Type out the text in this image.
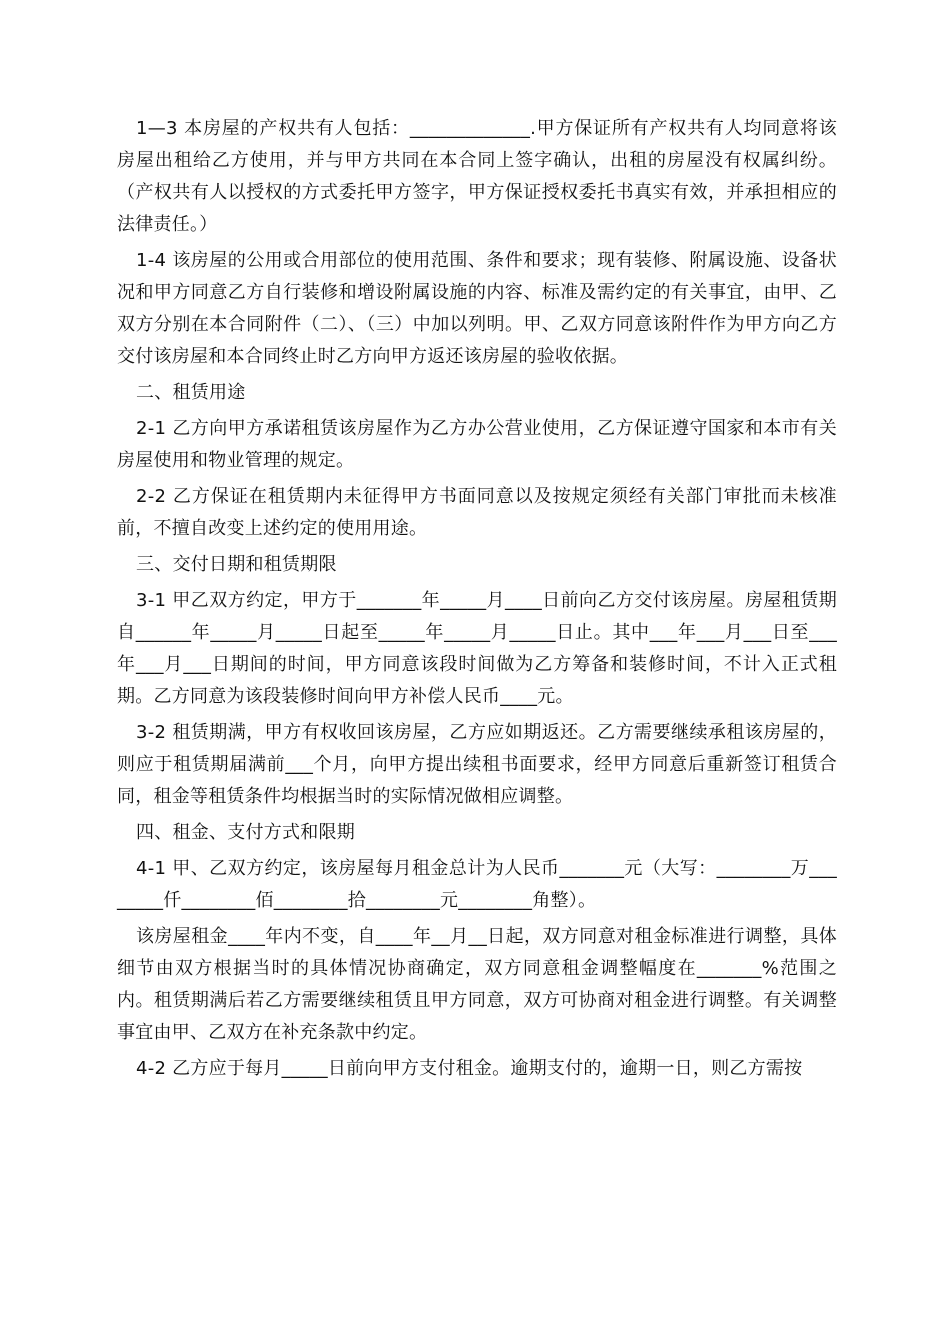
1—3 本房屋的产权共有人包括：_____________.甲方保证所有产权共有人均同意将该房屋出租给乙方使用，并与甲方共同在本合同上签字确认，出租的房屋没有权属纠纷。（产权共有人以授权的方式委托甲方签字，甲方保证授权委托书真实有效，并承担相应的法律责任。）

1-4 该房屋的公用或合用部位的使用范围、条件和要求；现有装修、附属设施、设备状况和甲方同意乙方自行装修和增设附属设施的内容、标准及需约定的有关事宜，由甲、乙双方分别在本合同附件（二）、（三）中加以列明。甲、乙双方同意该附件作为甲方向乙方交付该房屋和本合同终止时乙方向甲方返还该房屋的验收依据。

二、租赁用途

2-1 乙方向甲方承诺租赁该房屋作为乙方办公营业使用，乙方保证遵守国家和本市有关房屋使用和物业管理的规定。

2-2 乙方保证在租赁期内未征得甲方书面同意以及按规定须经有关部门审批而未核准前，不擅自改变上述约定的使用用途。

三、交付日期和租赁期限

3-1 甲乙双方约定，甲方于_______年_____月____日前向乙方交付该房屋。房屋租赁期自______年_____月_____日起至_____年_____月_____日止。其中___年___月___日至___年___月___日期间的时间，甲方同意该段时间做为乙方筹备和装修时间，不计入正式租期。乙方同意为该段装修时间向甲方补偿人民币____元。

3-2 租赁期满，甲方有权收回该房屋，乙方应如期返还。乙方需要继续承租该房屋的，则应于租赁期届满前___个月，向甲方提出续租书面要求，经甲方同意后重新签订租赁合同，租金等租赁条件均根据当时的实际情况做相应调整。

四、租金、支付方式和限期

4-1 甲、乙双方约定，该房屋每月租金总计为人民币_______元（大写：________万________仟________佰________拾________元________角整）。

该房屋租金____年内不变，自____年__月__日起，双方同意对租金标准进行调整，具体细节由双方根据当时的具体情况协商确定，双方同意租金调整幅度在_______%范围之内。租赁期满后若乙方需要继续租赁且甲方同意，双方可协商对租金进行调整。有关调整事宜由甲、乙双方在补充条款中约定。

4-2 乙方应于每月_____日前向甲方支付租金。逾期支付的，逾期一日，则乙方需按
